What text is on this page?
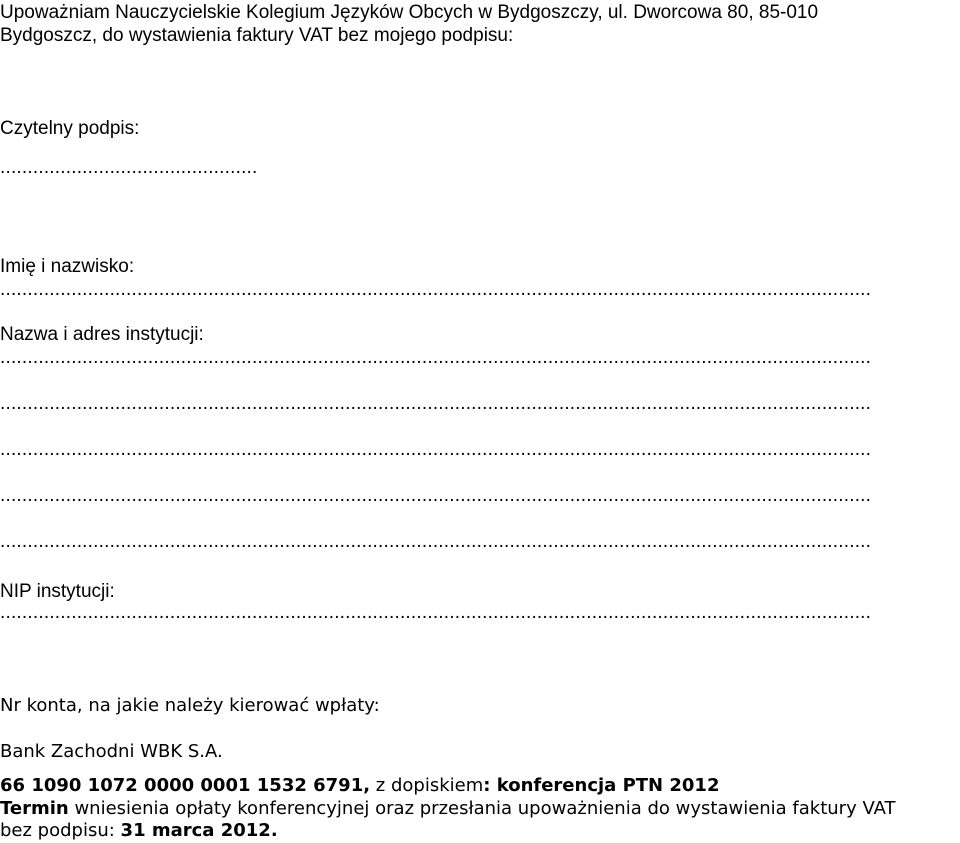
Upoważniam Nauczycielskie Kolegium Języków Obcych w Bydgoszczy, ul. Dworcowa 80, 85-010
Bydgoszcz, do wystawienia faktury VAT bez mojego podpisu:
Czytelny podpis:
...............................................
Imię i nazwisko:
...............................................................................................................................................................
Nazwa i adres instytucji:
...............................................................................................................................................................
...............................................................................................................................................................
...............................................................................................................................................................
...............................................................................................................................................................
...............................................................................................................................................................
NIP instytucji:
...............................................................................................................................................................
Nr konta, na jakie należy kierować wpłaty:
Bank Zachodni WBK S.A.
66 1090 1072 0000 0001 1532 6791, z dopiskiem: konferencja PTN 2012
Termin wniesienia opłaty konferencyjnej oraz przesłania upoważnienia do wystawienia faktury VAT
bez podpisu: 31 marca 2012.
